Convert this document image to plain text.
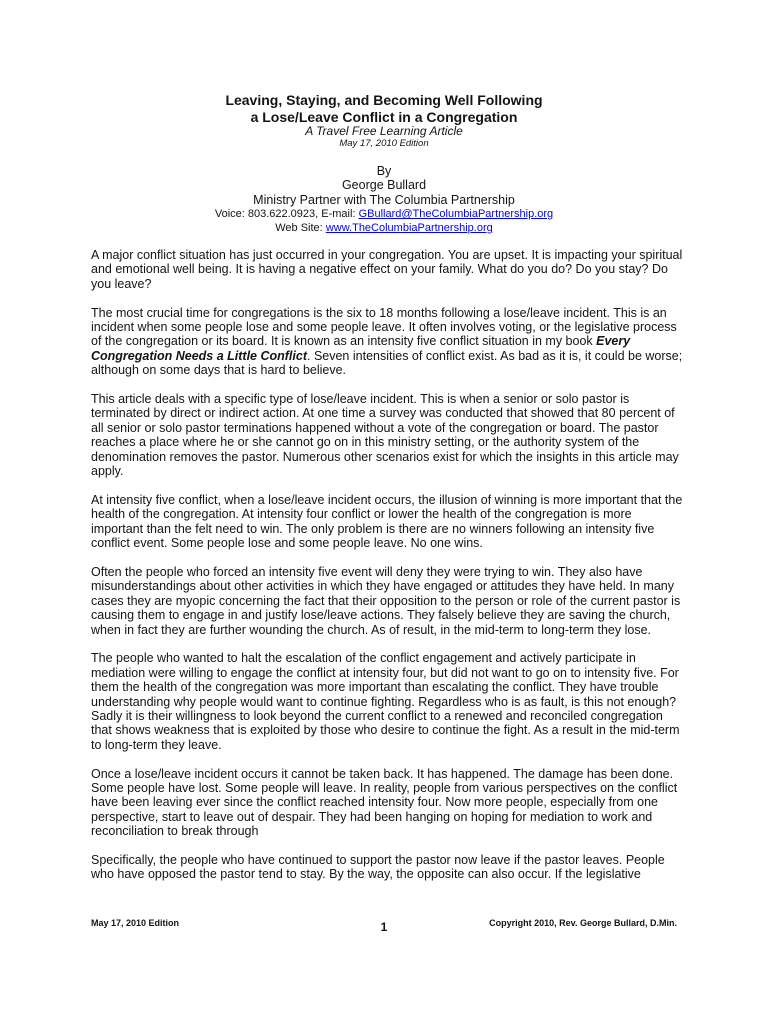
Leaving, Staying, and Becoming Well Following
a Lose/Leave Conflict in a Congregation
A Travel Free Learning Article
May 17, 2010 Edition
By
George Bullard
Ministry Partner with The Columbia Partnership
Voice: 803.622.0923, E-mail: GBullard@TheColumbiaPartnership.org
Web Site: www.TheColumbiaPartnership.org

A major conflict situation has just occurred in your congregation. You are upset. It is impacting your spiritual and emotional well being. It is having a negative effect on your family. What do you do? Do you stay? Do you leave?

The most crucial time for congregations is the six to 18 months following a lose/leave incident. This is an incident when some people lose and some people leave. It often involves voting, or the legislative process of the congregation or its board. It is known as an intensity five conflict situation in my book Every Congregation Needs a Little Conflict. Seven intensities of conflict exist. As bad as it is, it could be worse; although on some days that is hard to believe.

This article deals with a specific type of lose/leave incident. This is when a senior or solo pastor is terminated by direct or indirect action. At one time a survey was conducted that showed that 80 percent of all senior or solo pastor terminations happened without a vote of the congregation or board. The pastor reaches a place where he or she cannot go on in this ministry setting, or the authority system of the denomination removes the pastor. Numerous other scenarios exist for which the insights in this article may apply.

At intensity five conflict, when a lose/leave incident occurs, the illusion of winning is more important that the health of the congregation. At intensity four conflict or lower the health of the congregation is more important than the felt need to win. The only problem is there are no winners following an intensity five conflict event. Some people lose and some people leave. No one wins.

Often the people who forced an intensity five event will deny they were trying to win. They also have misunderstandings about other activities in which they have engaged or attitudes they have held. In many cases they are myopic concerning the fact that their opposition to the person or role of the current pastor is causing them to engage in and justify lose/leave actions. They falsely believe they are saving the church, when in fact they are further wounding the church. As of result, in the mid-term to long-term they lose.

The people who wanted to halt the escalation of the conflict engagement and actively participate in mediation were willing to engage the conflict at intensity four, but did not want to go on to intensity five. For them the health of the congregation was more important than escalating the conflict. They have trouble understanding why people would want to continue fighting. Regardless who is as fault, is this not enough? Sadly it is their willingness to look beyond the current conflict to a renewed and reconciled congregation that shows weakness that is exploited by those who desire to continue the fight. As a result in the mid-term to long-term they leave.

Once a lose/leave incident occurs it cannot be taken back. It has happened. The damage has been done. Some people have lost. Some people will leave. In reality, people from various perspectives on the conflict have been leaving ever since the conflict reached intensity four. Now more people, especially from one perspective, start to leave out of despair. They had been hanging on hoping for mediation to work and reconciliation to break through

Specifically, the people who have continued to support the pastor now leave if the pastor leaves. People who have opposed the pastor tend to stay. By the way, the opposite can also occur. If the legislative

May 17, 2010 Edition	1	Copyright 2010, Rev. George Bullard, D.Min.
